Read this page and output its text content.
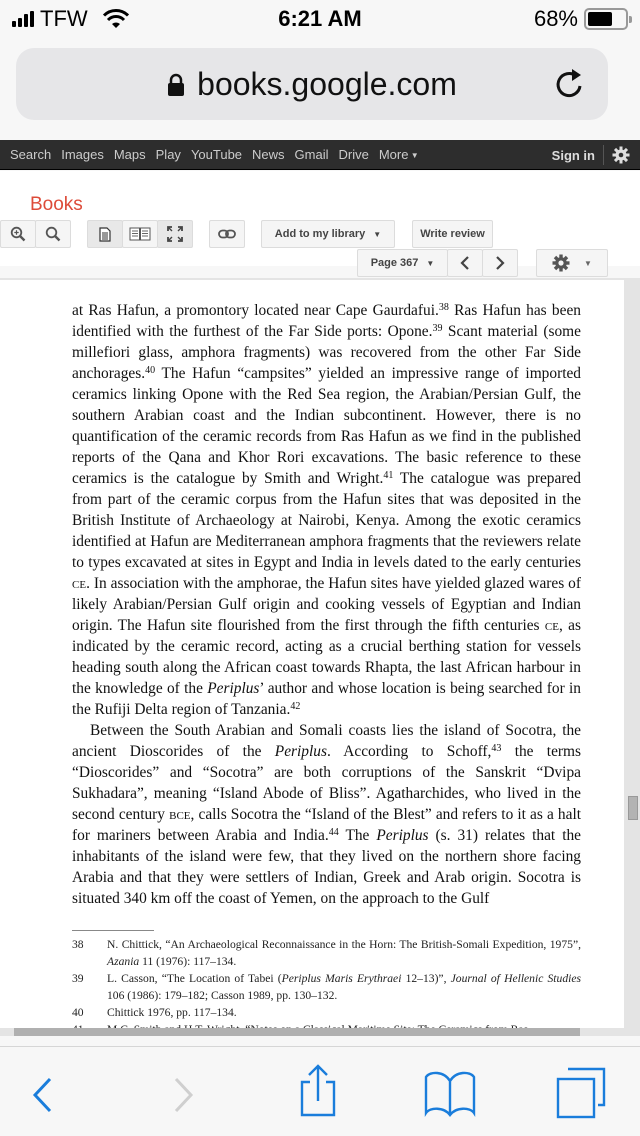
TFW	6:21 AM	68%
books.google.com
Search Images Maps Play YouTube News Gmail Drive More ▼	Sign in
Books
Add to my library ▼	Write review
Page 367 ▼	▼

at Ras Hafun, a promontory located near Cape Gaurdafui.$^{38}$ Ras Hafun has been identified with the furthest of the Far Side ports: Opone.$^{39}$ Scant material (some millefiori glass, amphora fragments) was recovered from the other Far Side anchorages.$^{40}$ The Hafun “campsites” yielded an impressive range of imported ceramics linking Opone with the Red Sea region, the Arabian/Persian Gulf, the southern Arabian coast and the Indian subcontinent. However, there is no quantification of the ceramic records from Ras Hafun as we find in the published reports of the Qana and Khor Rori excavations. The basic reference to these ceramics is the catalogue by Smith and Wright.$^{41}$ The catalogue was prepared from part of the ceramic corpus from the Hafun sites that was deposited in the British Institute of Archaeology at Nairobi, Kenya. Among the exotic ceramics identified at Hafun are Mediterranean amphora fragments that the reviewers relate to types excavated at sites in Egypt and India in levels dated to the early centuries ce. In association with the amphorae, the Hafun sites have yielded glazed wares of likely Arabian/Persian Gulf origin and cooking vessels of Egyptian and Indian origin. The Hafun site flourished from the first through the fifth centuries ce, as indicated by the ceramic record, acting as a crucial berthing station for vessels heading south along the African coast towards Rhapta, the last African harbour in the knowledge of the Periplus’ author and whose location is being searched for in the Rufiji Delta region of Tanzania.$^{42}$

Between the South Arabian and Somali coasts lies the island of Socotra, the ancient Dioscorides of the Periplus. According to Schoff,$^{43}$ the terms “Dioscorides” and “Socotra” are both corruptions of the Sanskrit “Dvipa Sukhadara”, meaning “Island Abode of Bliss”. Agatharchides, who lived in the second century bce, calls Socotra the “Island of the Blest” and refers to it as a halt for mariners between Arabia and India.$^{44}$ The Periplus (s. 31) relates that the inhabitants of the island were few, that they lived on the northern shore facing Arabia and that they were settlers of Indian, Greek and Arab origin. Socotra is situated 340 km off the coast of Yemen, on the approach to the Gulf

38	N. Chittick, “An Archaeological Reconnaissance in the Horn: The British-Somali Expedition, 1975”, Azania 11 (1976): 117–134.
39	L. Casson, “The Location of Tabei (Periplus Maris Erythraei 12–13)”, Journal of Hellenic Studies 106 (1986): 179–182; Casson 1989, pp. 130–132.
40	Chittick 1976, pp. 117–134.
